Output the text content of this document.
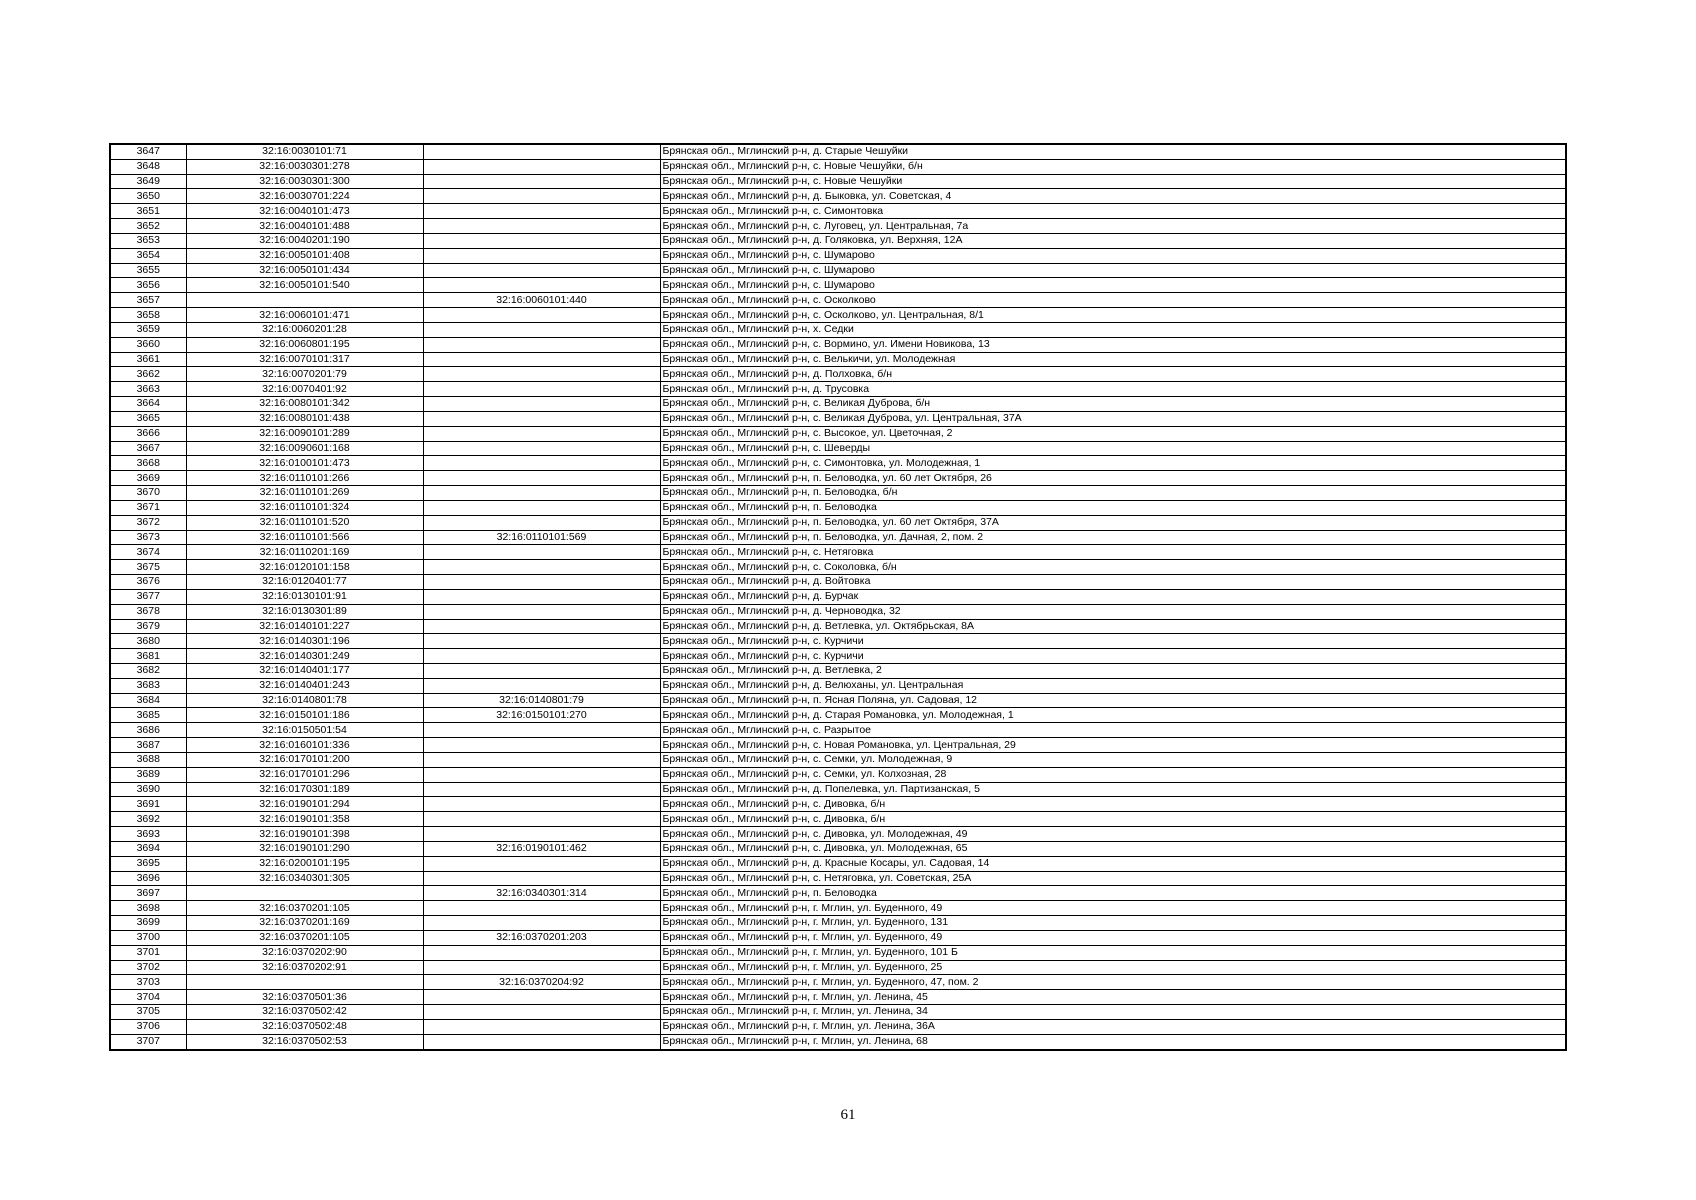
3647	32:16:0030101:71		Брянская обл., Мглинский р-н, д. Старые Чешуйки
3648	32:16:0030301:278		Брянская обл., Мглинский р-н, с. Новые Чешуйки, б/н
3649	32:16:0030301:300		Брянская обл., Мглинский р-н, с. Новые Чешуйки
3650	32:16:0030701:224		Брянская обл., Мглинский р-н, д. Быковка, ул. Советская, 4
3651	32:16:0040101:473		Брянская обл., Мглинский р-н, с. Симонтовка
3652	32:16:0040101:488		Брянская обл., Мглинский р-н, с. Луговец, ул. Центральная, 7а
3653	32:16:0040201:190		Брянская обл., Мглинский р-н, д. Голяковка, ул. Верхняя, 12А
3654	32:16:0050101:408		Брянская обл., Мглинский р-н, с. Шумарово
3655	32:16:0050101:434		Брянская обл., Мглинский р-н, с. Шумарово
3656	32:16:0050101:540		Брянская обл., Мглинский р-н, с. Шумарово
3657		32:16:0060101:440	Брянская обл., Мглинский р-н, с. Осколково
3658	32:16:0060101:471		Брянская обл., Мглинский р-н, с. Осколково, ул. Центральная, 8/1
3659	32:16:0060201:28		Брянская обл., Мглинский р-н, х. Седки
3660	32:16:0060801:195		Брянская обл., Мглинский р-н, с. Вормино, ул. Имени Новикова, 13
3661	32:16:0070101:317		Брянская обл., Мглинский р-н, с. Велькичи, ул. Молодежная
3662	32:16:0070201:79		Брянская обл., Мглинский р-н, д. Полховка, б/н
3663	32:16:0070401:92		Брянская обл., Мглинский р-н, д. Трусовка
3664	32:16:0080101:342		Брянская обл., Мглинский р-н, с. Великая Дуброва, б/н
3665	32:16:0080101:438		Брянская обл., Мглинский р-н, с. Великая Дуброва, ул. Центральная, 37А
3666	32:16:0090101:289		Брянская обл., Мглинский р-н, с. Высокое, ул. Цветочная, 2
3667	32:16:0090601:168		Брянская обл., Мглинский р-н, с. Шеверды
3668	32:16:0100101:473		Брянская обл., Мглинский р-н, с. Симонтовка, ул. Молодежная, 1
3669	32:16:0110101:266		Брянская обл., Мглинский р-н, п. Беловодка, ул. 60 лет Октября, 26
3670	32:16:0110101:269		Брянская обл., Мглинский р-н, п. Беловодка, б/н
3671	32:16:0110101:324		Брянская обл., Мглинский р-н, п. Беловодка
3672	32:16:0110101:520		Брянская обл., Мглинский р-н, п. Беловодка, ул. 60 лет Октября, 37А
3673	32:16:0110101:566	32:16:0110101:569	Брянская обл., Мглинский р-н, п. Беловодка, ул. Дачная, 2, пом. 2
3674	32:16:0110201:169		Брянская обл., Мглинский р-н, с. Нетяговка
3675	32:16:0120101:158		Брянская обл., Мглинский р-н, с. Соколовка, б/н
3676	32:16:0120401:77		Брянская обл., Мглинский р-н, д. Войтовка
3677	32:16:0130101:91		Брянская обл., Мглинский р-н, д. Бурчак
3678	32:16:0130301:89		Брянская обл., Мглинский р-н, д. Черноводка, 32
3679	32:16:0140101:227		Брянская обл., Мглинский р-н, д. Ветлевка, ул. Октябрьская, 8А
3680	32:16:0140301:196		Брянская обл., Мглинский р-н, с. Курчичи
3681	32:16:0140301:249		Брянская обл., Мглинский р-н, с. Курчичи
3682	32:16:0140401:177		Брянская обл., Мглинский р-н, д. Ветлевка, 2
3683	32:16:0140401:243		Брянская обл., Мглинский р-н, д. Велюханы, ул. Центральная
3684	32:16:0140801:78	32:16:0140801:79	Брянская обл., Мглинский р-н, п. Ясная Поляна, ул. Садовая, 12
3685	32:16:0150101:186	32:16:0150101:270	Брянская обл., Мглинский р-н, д. Старая Романовка, ул. Молодежная, 1
3686	32:16:0150501:54		Брянская обл., Мглинский р-н, с. Разрытое
3687	32:16:0160101:336		Брянская обл., Мглинский р-н, с. Новая Романовка, ул. Центральная, 29
3688	32:16:0170101:200		Брянская обл., Мглинский р-н, с. Семки, ул. Молодежная, 9
3689	32:16:0170101:296		Брянская обл., Мглинский р-н, с. Семки, ул. Колхозная, 28
3690	32:16:0170301:189		Брянская обл., Мглинский р-н, д. Попелевка, ул. Партизанская, 5
3691	32:16:0190101:294		Брянская обл., Мглинский р-н, с. Дивовка, б/н
3692	32:16:0190101:358		Брянская обл., Мглинский р-н, с. Дивовка, б/н
3693	32:16:0190101:398		Брянская обл., Мглинский р-н, с. Дивовка, ул. Молодежная, 49
3694	32:16:0190101:290	32:16:0190101:462	Брянская обл., Мглинский р-н, с. Дивовка, ул. Молодежная, 65
3695	32:16:0200101:195		Брянская обл., Мглинский р-н, д. Красные Косары, ул. Садовая, 14
3696	32:16:0340301:305		Брянская обл., Мглинский р-н, с. Нетяговка, ул. Советская, 25А
3697		32:16:0340301:314	Брянская обл., Мглинский р-н, п. Беловодка
3698	32:16:0370201:105		Брянская обл., Мглинский р-н, г. Мглин, ул. Буденного, 49
3699	32:16:0370201:169		Брянская обл., Мглинский р-н, г. Мглин, ул. Буденного, 131
3700	32:16:0370201:105	32:16:0370201:203	Брянская обл., Мглинский р-н, г. Мглин, ул. Буденного, 49
3701	32:16:0370202:90		Брянская обл., Мглинский р-н, г. Мглин, ул. Буденного, 101 Б
3702	32:16:0370202:91		Брянская обл., Мглинский р-н, г. Мглин, ул. Буденного, 25
3703		32:16:0370204:92	Брянская обл., Мглинский р-н, г. Мглин, ул. Буденного, 47, пом. 2
3704	32:16:0370501:36		Брянская обл., Мглинский р-н, г. Мглин, ул. Ленина, 45
3705	32:16:0370502:42		Брянская обл., Мглинский р-н, г. Мглин, ул. Ленина, 34
3706	32:16:0370502:48		Брянская обл., Мглинский р-н, г. Мглин, ул. Ленина, 36А
3707	32:16:0370502:53		Брянская обл., Мглинский р-н, г. Мглин, ул. Ленина, 68
61
